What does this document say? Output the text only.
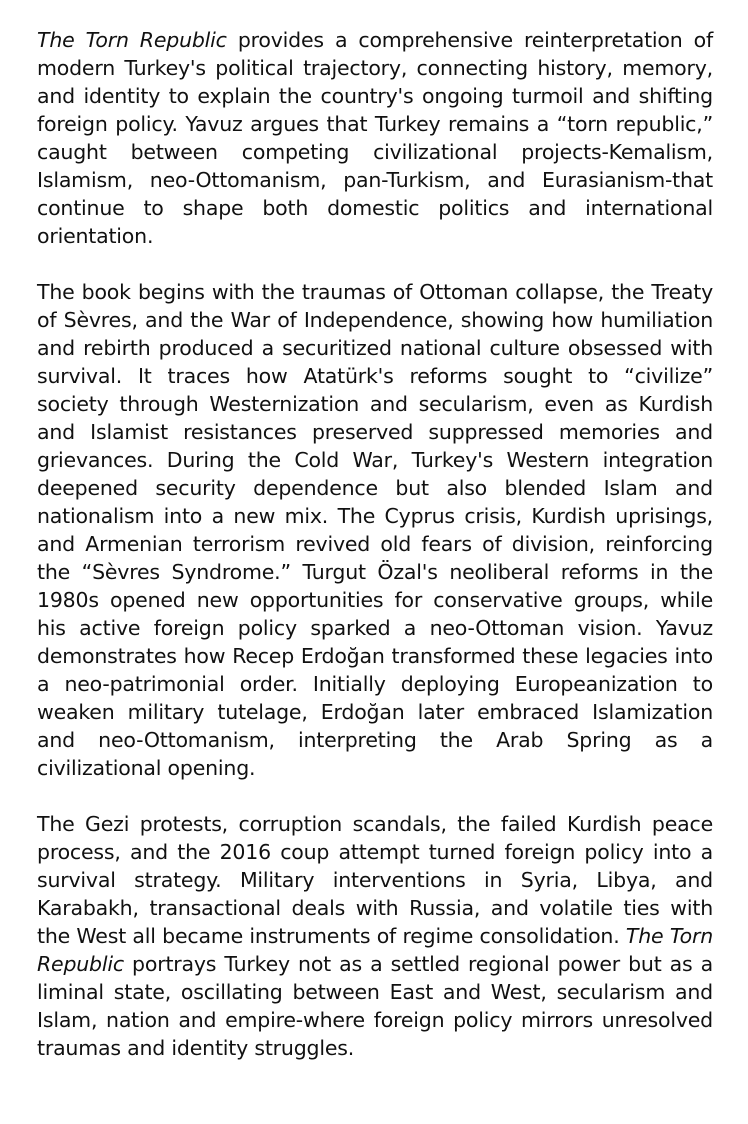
The Torn Republic provides a comprehensive reinterpretation of modern Turkey's political trajectory, connecting history, memory, and identity to explain the country's ongoing turmoil and shifting foreign policy. Yavuz argues that Turkey remains a “torn republic,” caught between competing civilizational projects-Kemalism, Islamism, neo-Ottomanism, pan-Turkism, and Eurasianism-that continue to shape both domestic politics and international orientation.

The book begins with the traumas of Ottoman collapse, the Treaty of Sèvres, and the War of Independence, showing how humiliation and rebirth produced a securitized national culture obsessed with survival. It traces how Atatürk's reforms sought to “civilize” society through Westernization and secularism, even as Kurdish and Islamist resistances preserved suppressed memories and grievances. During the Cold War, Turkey's Western integration deepened security dependence but also blended Islam and nationalism into a new mix. The Cyprus crisis, Kurdish uprisings, and Armenian terrorism revived old fears of division, reinforcing the “Sèvres Syndrome.” Turgut Özal's neoliberal reforms in the 1980s opened new opportunities for conservative groups, while his active foreign policy sparked a neo-Ottoman vision. Yavuz demonstrates how Recep Erdoğan transformed these legacies into a neo-patrimonial order. Initially deploying Europeanization to weaken military tutelage, Erdoğan later embraced Islamization and neo-Ottomanism, interpreting the Arab Spring as a civilizational opening.

The Gezi protests, corruption scandals, the failed Kurdish peace process, and the 2016 coup attempt turned foreign policy into a survival strategy. Military interventions in Syria, Libya, and Karabakh, transactional deals with Russia, and volatile ties with the West all became instruments of regime consolidation. The Torn Republic portrays Turkey not as a settled regional power but as a liminal state, oscillating between East and West, secularism and Islam, nation and empire-where foreign policy mirrors unresolved traumas and identity struggles.
